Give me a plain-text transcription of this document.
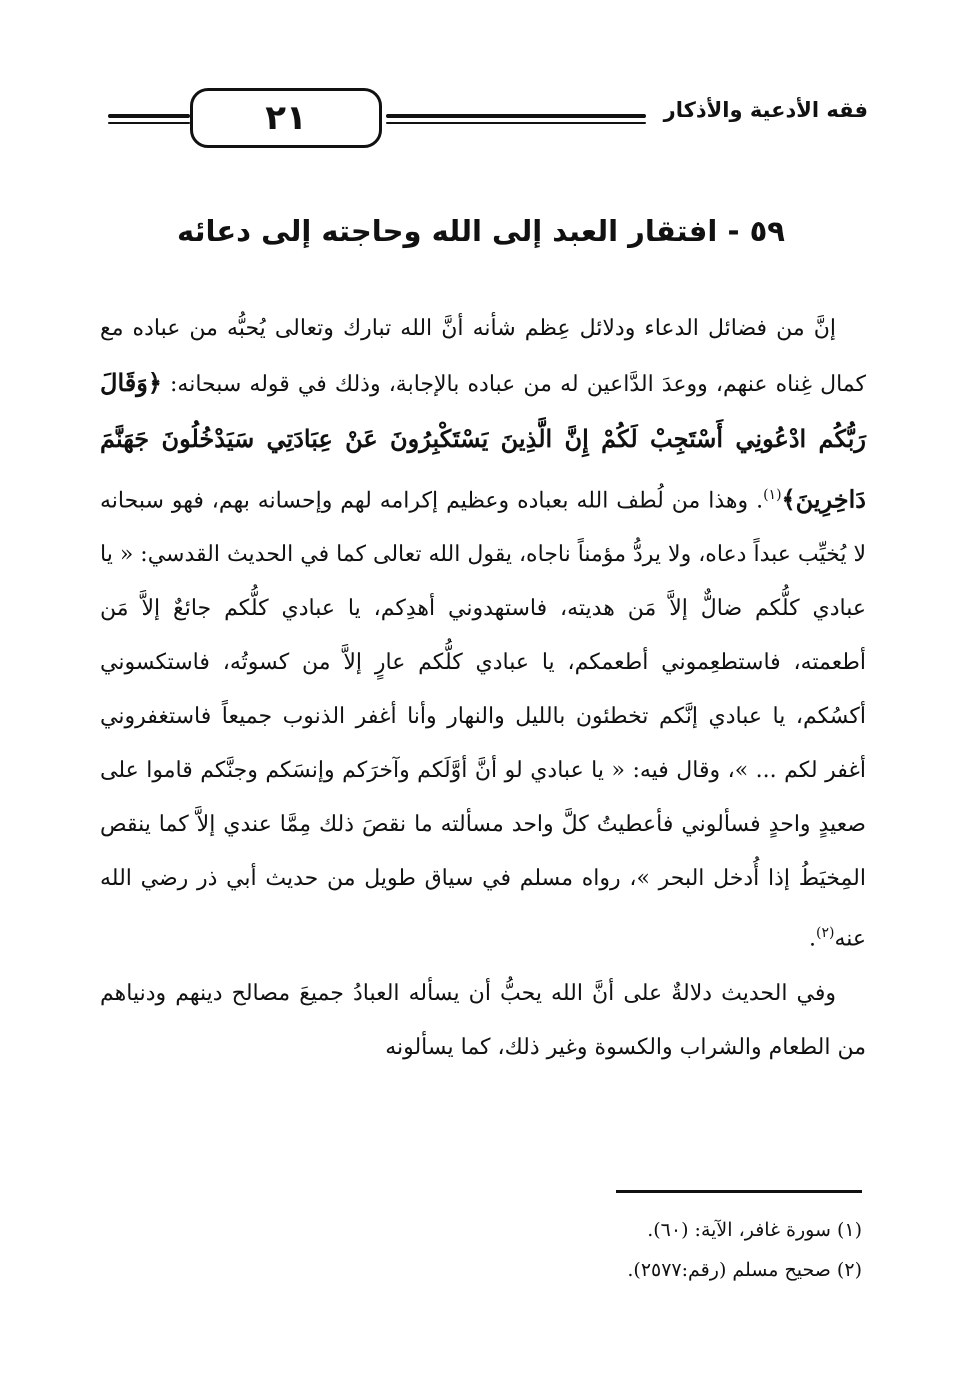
٢١	فقه الأدعية والأذكار
٥٩ - افتقار العبد إلى الله وحاجته إلى دعائه

إنَّ من فضائل الدعاء ودلائل عِظم شأنه أنَّ الله تبارك وتعالى يُحبُّه من عباده مع كمال غِناه عنهم، ووعدَ الدَّاعين له من عباده بالإجابة، وذلك في قوله سبحانه: ﴿وَقَالَ رَبُّكُم ادْعُونِي أَسْتَجِبْ لَكُمْ إِنَّ الَّذِينَ يَسْتَكْبِرُونَ عَنْ عِبَادَتِي سَيَدْخُلُونَ جَهَنَّمَ دَاخِرِينَ﴾$^{(١)}$. وهذا من لُطف الله بعباده وعظيم إكرامه لهم وإحسانه بهم، فهو سبحانه لا يُخيِّب عبداً دعاه، ولا يردُّ مؤمناً ناجاه، يقول الله تعالى كما في الحديث القدسي: « يا عبادي كلُّكم ضالٌّ إلاَّ مَن هديته، فاستهدوني أهدِكم، يا عبادي كلُّكم جائعٌ إلاَّ مَن أطعمته، فاستطعِموني أطعمكم، يا عبادي كلُّكم عارٍ إلاَّ من كسوتُه، فاستكسوني أكسُكم، يا عبادي إنَّكم تخطئون بالليل والنهار وأنا أغفر الذنوب جميعاً فاستغفروني أغفر لكم ... »، وقال فيه: « يا عبادي لو أنَّ أوَّلَكم وآخرَكم وإنسَكم وجنَّكم قاموا على صعيدٍ واحدٍ فسألوني فأعطيتُ كلَّ واحد مسألته ما نقصَ ذلك مِمَّا عندي إلاَّ كما ينقص المِخيَطُ إذا أُدخل البحر »، رواه مسلم في سياق طويل من حديث أبي ذر رضي الله عنه$^{(٢)}$.

وفي الحديث دلالةٌ على أنَّ الله يحبُّ أن يسأله العبادُ جميعَ مصالح دينهم ودنياهم من الطعام والشراب والكسوة وغير ذلك، كما يسألونه

(١) سورة غافر، الآية: (٦٠).
(٢) صحيح مسلم (رقم:٢٥٧٧).
